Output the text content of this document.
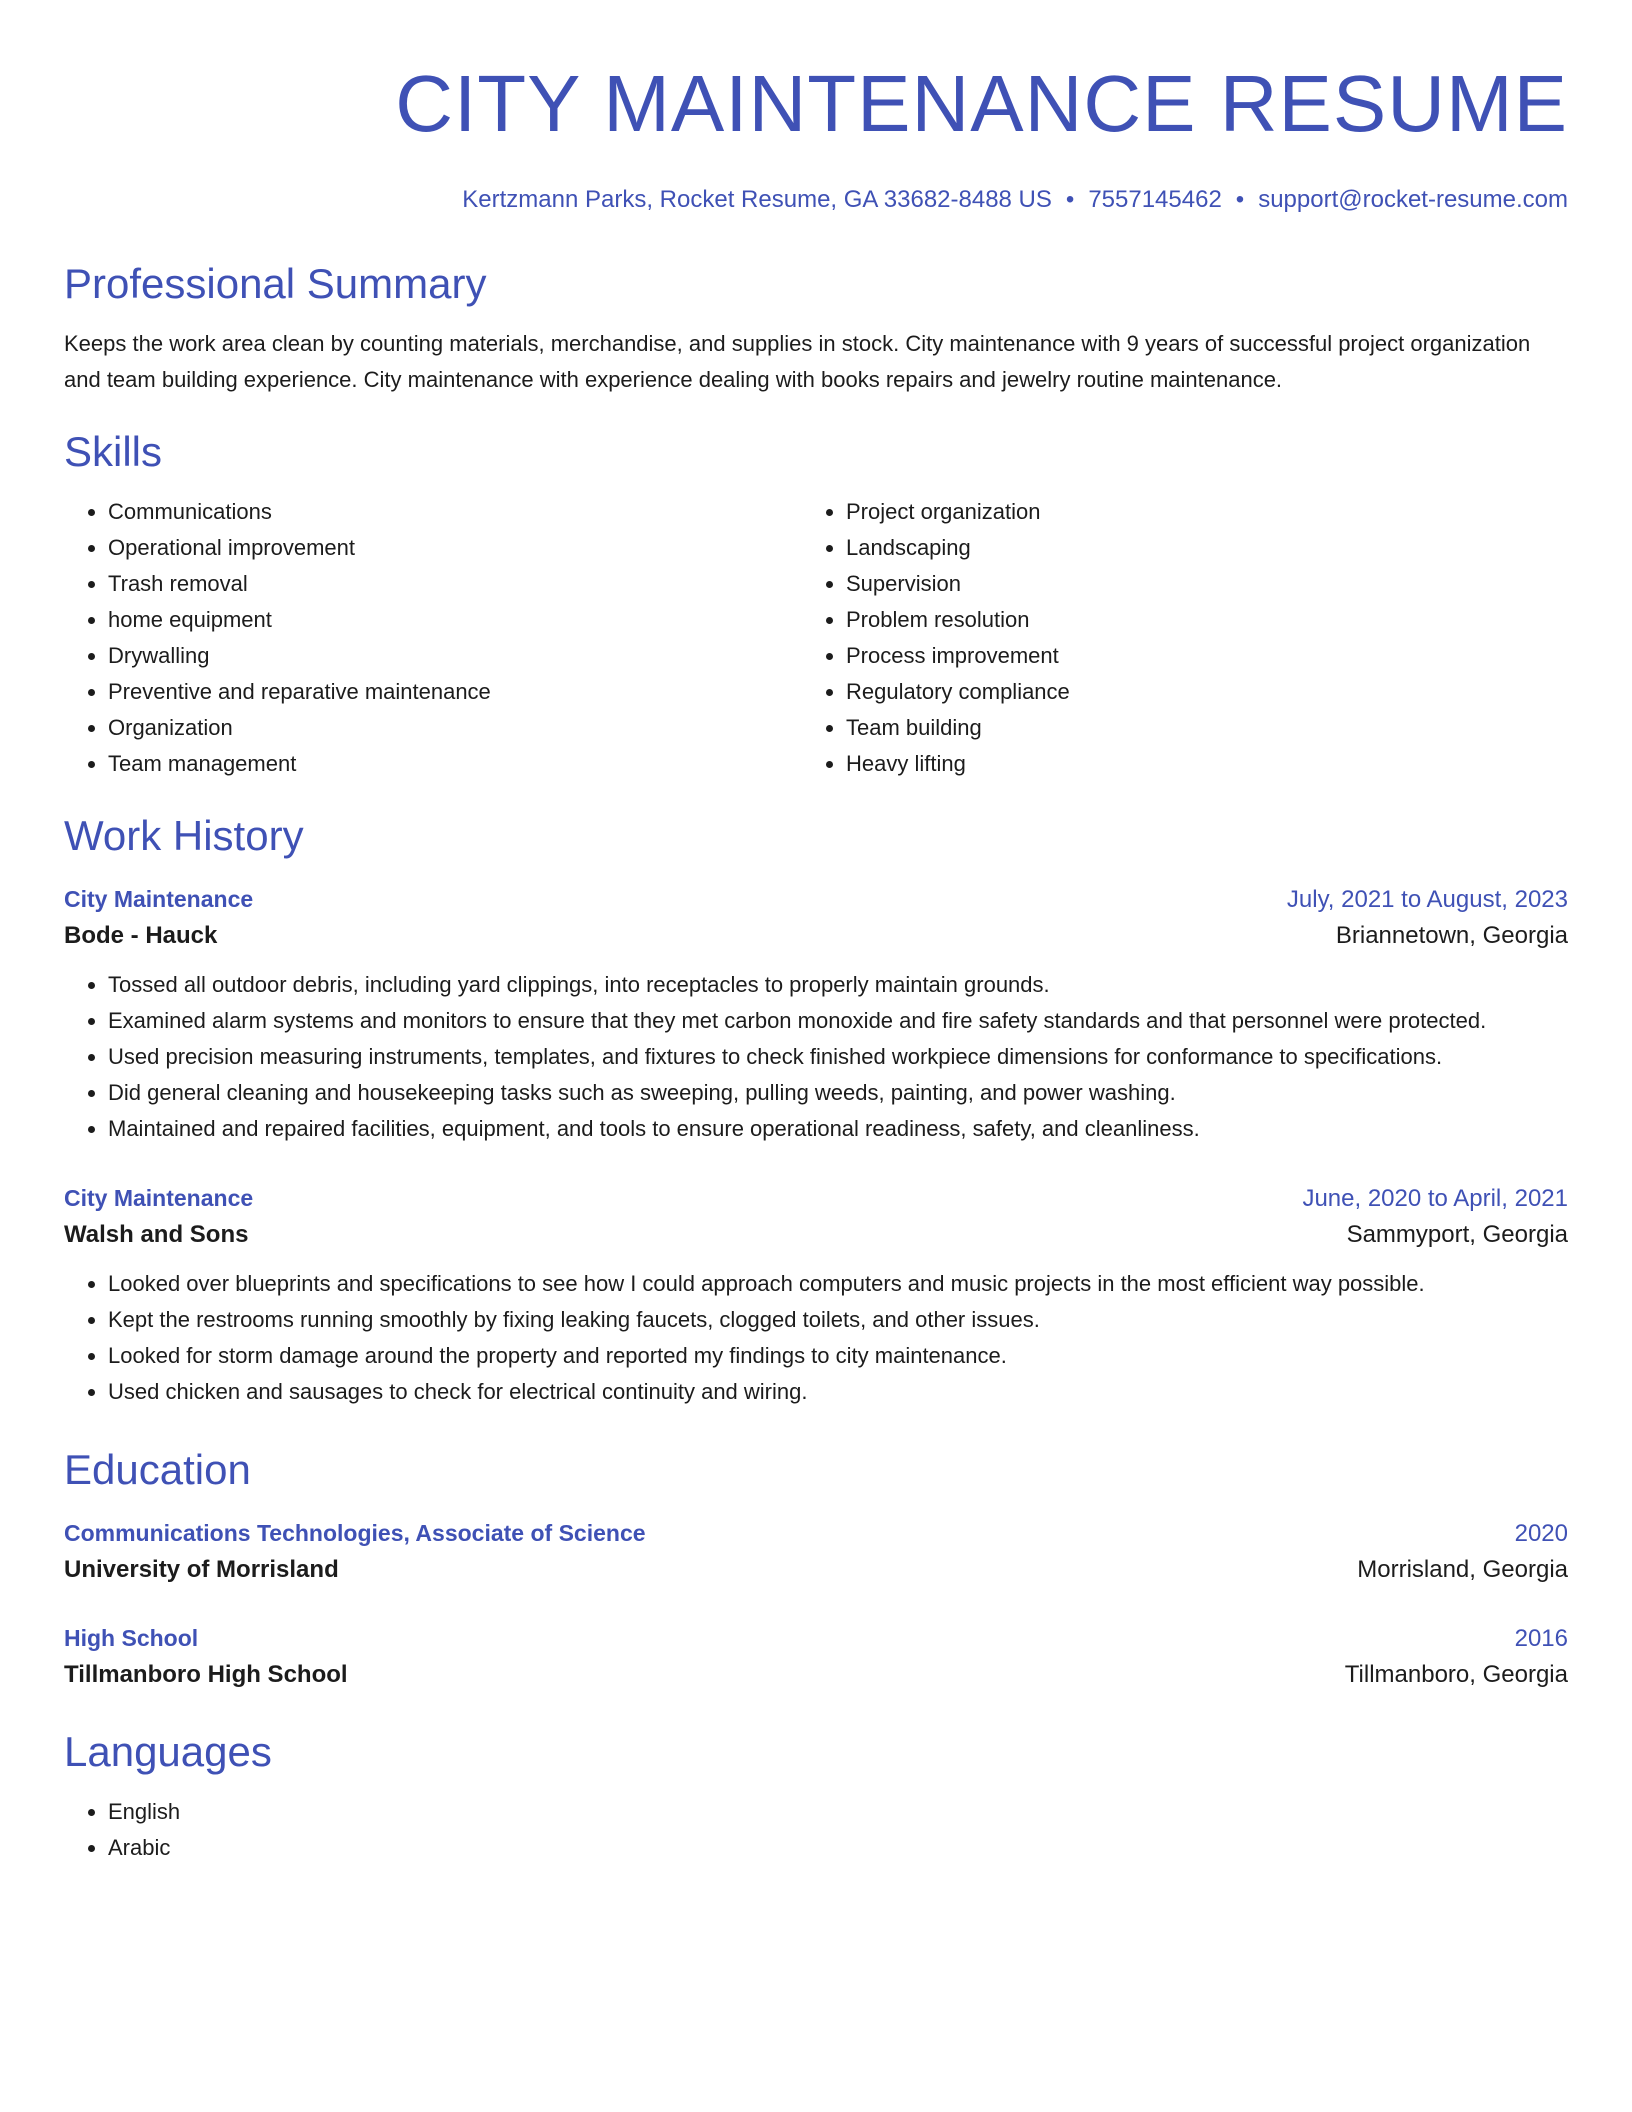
CITY MAINTENANCE RESUME
Kertzmann Parks, Rocket Resume, GA 33682-8488 US • 7557145462 • support@rocket-resume.com
Professional Summary
Keeps the work area clean by counting materials, merchandise, and supplies in stock. City maintenance with 9 years of successful project organization and team building experience. City maintenance with experience dealing with books repairs and jewelry routine maintenance.
Skills
• Communications
• Operational improvement
• Trash removal
• home equipment
• Drywalling
• Preventive and reparative maintenance
• Organization
• Team management
• Project organization
• Landscaping
• Supervision
• Problem resolution
• Process improvement
• Regulatory compliance
• Team building
• Heavy lifting
Work History
City Maintenance	July, 2021 to August, 2023
Bode - Hauck	Briannetown, Georgia
• Tossed all outdoor debris, including yard clippings, into receptacles to properly maintain grounds.
• Examined alarm systems and monitors to ensure that they met carbon monoxide and fire safety standards and that personnel were protected.
• Used precision measuring instruments, templates, and fixtures to check finished workpiece dimensions for conformance to specifications.
• Did general cleaning and housekeeping tasks such as sweeping, pulling weeds, painting, and power washing.
• Maintained and repaired facilities, equipment, and tools to ensure operational readiness, safety, and cleanliness.
City Maintenance	June, 2020 to April, 2021
Walsh and Sons	Sammyport, Georgia
• Looked over blueprints and specifications to see how I could approach computers and music projects in the most efficient way possible.
• Kept the restrooms running smoothly by fixing leaking faucets, clogged toilets, and other issues.
• Looked for storm damage around the property and reported my findings to city maintenance.
• Used chicken and sausages to check for electrical continuity and wiring.
Education
Communications Technologies, Associate of Science	2020
University of Morrisland	Morrisland, Georgia
High School	2016
Tillmanboro High School	Tillmanboro, Georgia
Languages
• English
• Arabic
